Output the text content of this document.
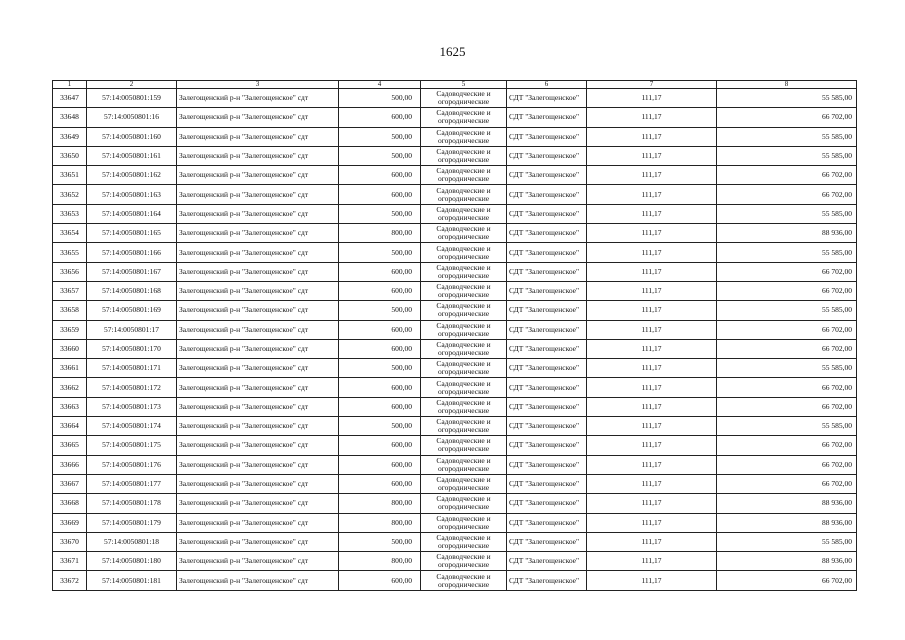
1625
1	2	3	4	5	6	7	8
33647	57:14:0050801:159	Залегощенский р-н "Залегощенское" сдт	500,00	Садоводческие и огороднические	СДТ "Залегощенское"	111,17	55 585,00
33648	57:14:0050801:16	Залегощенский р-н "Залегощенское" сдт	600,00	Садоводческие и огороднические	СДТ "Залегощенское"	111,17	66 702,00
33649	57:14:0050801:160	Залегощенский р-н "Залегощенское" сдт	500,00	Садоводческие и огороднические	СДТ "Залегощенское"	111,17	55 585,00
33650	57:14:0050801:161	Залегощенский р-н "Залегощенское" сдт	500,00	Садоводческие и огороднические	СДТ "Залегощенское"	111,17	55 585,00
33651	57:14:0050801:162	Залегощенский р-н "Залегощенское" сдт	600,00	Садоводческие и огороднические	СДТ "Залегощенское"	111,17	66 702,00
33652	57:14:0050801:163	Залегощенский р-н "Залегощенское" сдт	600,00	Садоводческие и огороднические	СДТ "Залегощенское"	111,17	66 702,00
33653	57:14:0050801:164	Залегощенский р-н "Залегощенское" сдт	500,00	Садоводческие и огороднические	СДТ "Залегощенское"	111,17	55 585,00
33654	57:14:0050801:165	Залегощенский р-н "Залегощенское" сдт	800,00	Садоводческие и огороднические	СДТ "Залегощенское"	111,17	88 936,00
33655	57:14:0050801:166	Залегощенский р-н "Залегощенское" сдт	500,00	Садоводческие и огороднические	СДТ "Залегощенское"	111,17	55 585,00
33656	57:14:0050801:167	Залегощенский р-н "Залегощенское" сдт	600,00	Садоводческие и огороднические	СДТ "Залегощенское"	111,17	66 702,00
33657	57:14:0050801:168	Залегощенский р-н "Залегощенское" сдт	600,00	Садоводческие и огороднические	СДТ "Залегощенское"	111,17	66 702,00
33658	57:14:0050801:169	Залегощенский р-н "Залегощенское" сдт	500,00	Садоводческие и огороднические	СДТ "Залегощенское"	111,17	55 585,00
33659	57:14:0050801:17	Залегощенский р-н "Залегощенское" сдт	600,00	Садоводческие и огороднические	СДТ "Залегощенское"	111,17	66 702,00
33660	57:14:0050801:170	Залегощенский р-н "Залегощенское" сдт	600,00	Садоводческие и огороднические	СДТ "Залегощенское"	111,17	66 702,00
33661	57:14:0050801:171	Залегощенский р-н "Залегощенское" сдт	500,00	Садоводческие и огороднические	СДТ "Залегощенское"	111,17	55 585,00
33662	57:14:0050801:172	Залегощенский р-н "Залегощенское" сдт	600,00	Садоводческие и огороднические	СДТ "Залегощенское"	111,17	66 702,00
33663	57:14:0050801:173	Залегощенский р-н "Залегощенское" сдт	600,00	Садоводческие и огороднические	СДТ "Залегощенское"	111,17	66 702,00
33664	57:14:0050801:174	Залегощенский р-н "Залегощенское" сдт	500,00	Садоводческие и огороднические	СДТ "Залегощенское"	111,17	55 585,00
33665	57:14:0050801:175	Залегощенский р-н "Залегощенское" сдт	600,00	Садоводческие и огороднические	СДТ "Залегощенское"	111,17	66 702,00
33666	57:14:0050801:176	Залегощенский р-н "Залегощенское" сдт	600,00	Садоводческие и огороднические	СДТ "Залегощенское"	111,17	66 702,00
33667	57:14:0050801:177	Залегощенский р-н "Залегощенское" сдт	600,00	Садоводческие и огороднические	СДТ "Залегощенское"	111,17	66 702,00
33668	57:14:0050801:178	Залегощенский р-н "Залегощенское" сдт	800,00	Садоводческие и огороднические	СДТ "Залегощенское"	111,17	88 936,00
33669	57:14:0050801:179	Залегощенский р-н "Залегощенское" сдт	800,00	Садоводческие и огороднические	СДТ "Залегощенское"	111,17	88 936,00
33670	57:14:0050801:18	Залегощенский р-н "Залегощенское" сдт	500,00	Садоводческие и огороднические	СДТ "Залегощенское"	111,17	55 585,00
33671	57:14:0050801:180	Залегощенский р-н "Залегощенское" сдт	800,00	Садоводческие и огороднические	СДТ "Залегощенское"	111,17	88 936,00
33672	57:14:0050801:181	Залегощенский р-н "Залегощенское" сдт	600,00	Садоводческие и огороднические	СДТ "Залегощенское"	111,17	66 702,00
